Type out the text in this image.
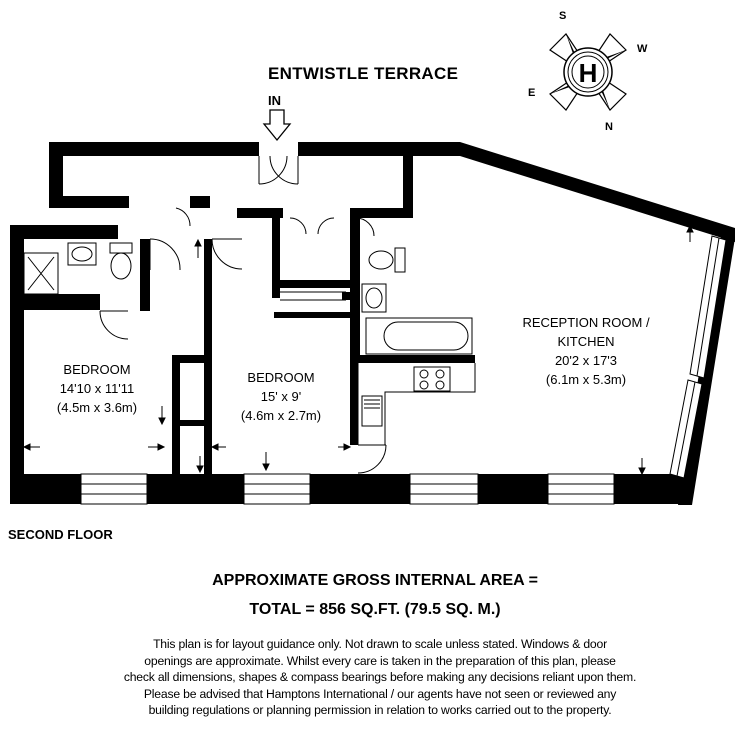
ENTWISTLE TERRACE	H
S
W
E
N
IN
BEDROOM
14'10 x 11'11
(4.5m x 3.6m)
BEDROOM
15' x 9'
(4.6m x 2.7m)
RECEPTION ROOM /
KITCHEN
20'2 x 17'3
(6.1m x 5.3m)
SECOND FLOOR
APPROXIMATE GROSS INTERNAL AREA =
TOTAL = 856 SQ.FT. (79.5 SQ. M.)
This plan is for layout guidance only. Not drawn to scale unless stated. Windows & door
openings are approximate. Whilst every care is taken in the preparation of this plan, please
check all dimensions, shapes & compass bearings before making any decisions reliant upon them.
Please be advised that Hamptons International / our agents have not seen or reviewed any
building regulations or planning permission in relation to works carried out to the property.
